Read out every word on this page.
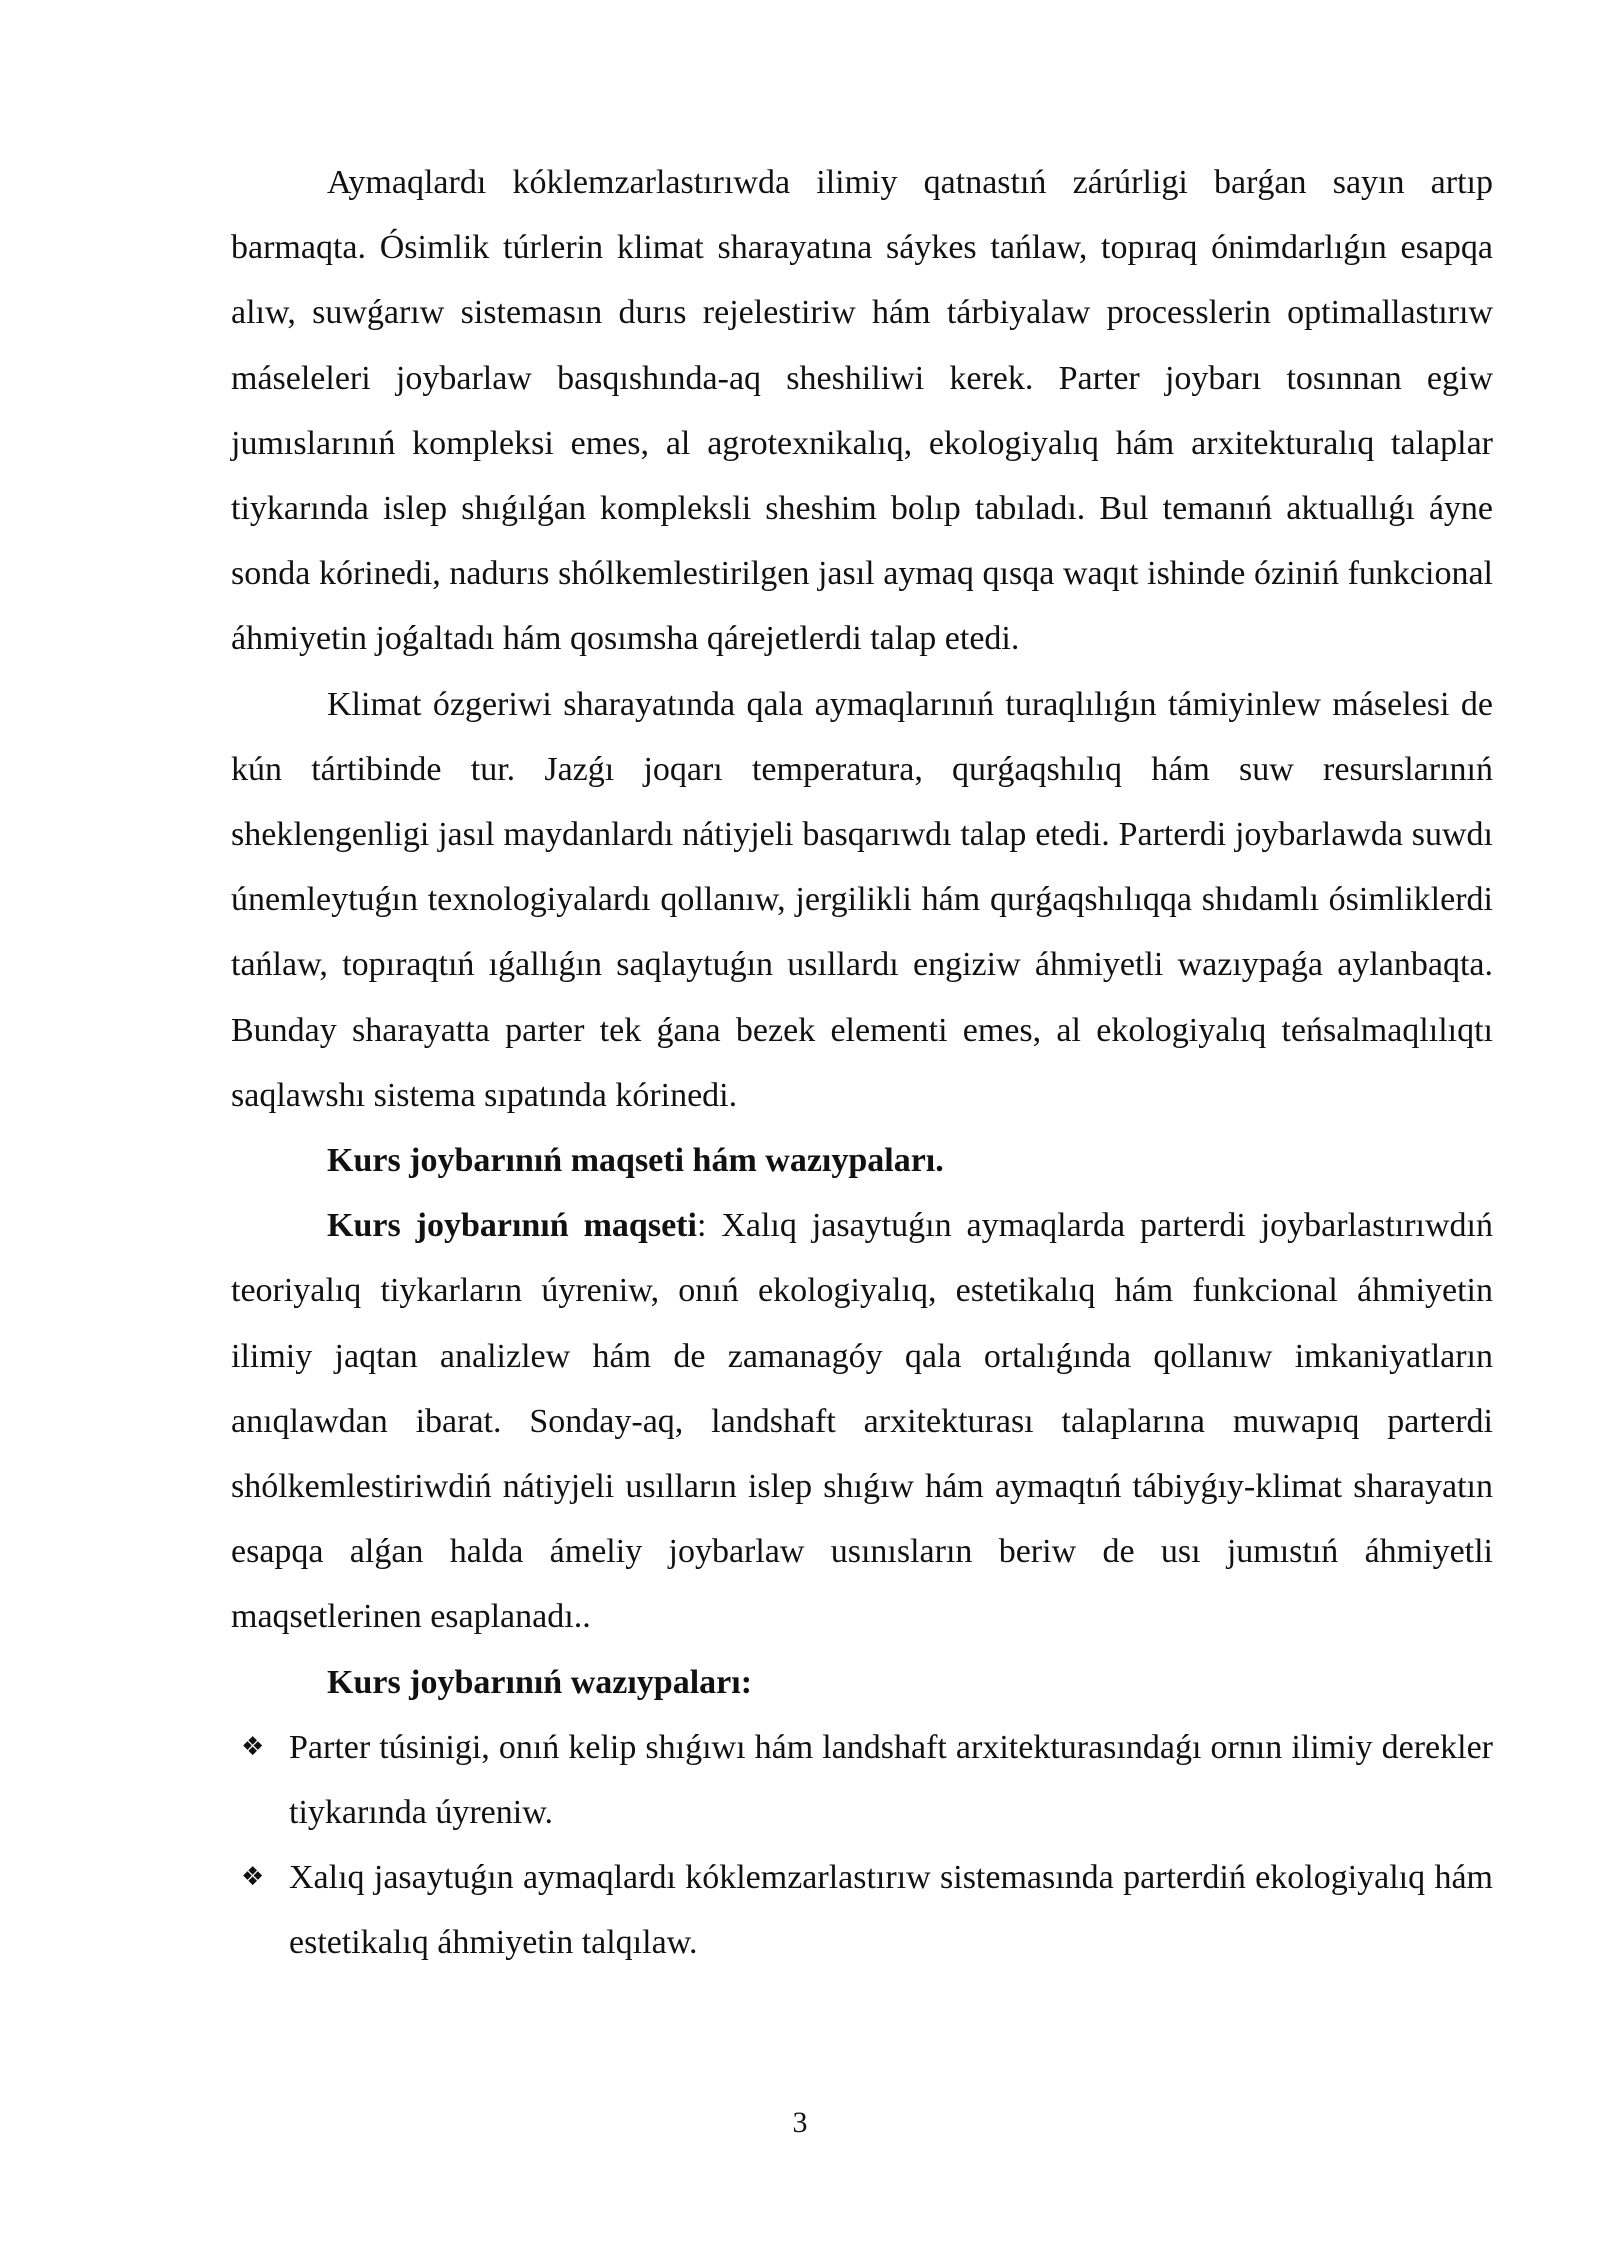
Aymaqlardı kóklemzarlastırıwda ilimiy qatnastıń zárúrligi barǵan sayın artıp barmaqta. Ósimlik túrlerin klimat sharayatına sáykes tańlaw, topıraq ónimdarlıǵın esapqa alıw, suwǵarıw sistemasın durıs rejelestiriw hám tárbiyalaw processlerin optimallastırıw máseleleri joybarlaw basqıshında-aq sheshiliwi kerek. Parter joybarı tosınnan egiw jumıslarınıń kompleksi emes, al agrotexnikalıq, ekologiyalıq hám arxitekturalıq talaplar tiykarında islep shıǵılǵan kompleksli sheshim bolıp tabıladı. Bul temanıń aktuallıǵı áyne sonda kórinedi, nadurıs shólkemlestirilgen jasıl aymaq qısqa waqıt ishinde óziniń funkcional áhmiyetin joǵaltadı hám qosımsha qárejetlerdi talap etedi.

Klimat ózgeriwi sharayatında qala aymaqlarınıń turaqlılıǵın támiyinlew máselesi de kún tártibinde tur. Jazǵı joqarı temperatura, qurǵaqshılıq hám suw resurslarınıń sheklengenligi jasıl maydanlardı nátiyjeli basqarıwdı talap etedi. Parterdi joybarlawda suwdı únemleytuǵın texnologiyalardı qollanıw, jergilikli hám qurǵaqshılıqqa shıdamlı ósimliklerdi tańlaw, topıraqtıń ıǵallıǵın saqlaytuǵın usıllardı engiziw áhmiyetli wazıypaǵa aylanbaqta. Bunday sharayatta parter tek ǵana bezek elementi emes, al ekologiyalıq teńsalmaqlılıqtı saqlawshı sistema sıpatında kórinedi.

Kurs joybarınıń maqseti hám wazıypaları.

Kurs joybarınıń maqseti: Xalıq jasaytuǵın aymaqlarda parterdi joybarlastırıwdıń teoriyalıq tiykarların úyreniw, onıń ekologiyalıq, estetikalıq hám funkcional áhmiyetin ilimiy jaqtan analizlew hám de zamanagóy qala ortalıǵında qollanıw imkaniyatların anıqlawdan ibarat. Sonday-aq, landshaft arxitekturası talaplarına muwapıq parterdi shólkemlestiriwdiń nátiyjeli usılların islep shıǵıw hám aymaqtıń tábiyǵıy-klimat sharayatın esapqa alǵan halda ámeliy joybarlaw usınısların beriw de usı jumıstıń áhmiyetli maqsetlerinen esaplanadı..

Kurs joybarınıń wazıypaları:

❖ Parter túsinigi, onıń kelip shıǵıwı hám landshaft arxitekturasındaǵı ornın ilimiy derekler tiykarında úyreniw.
❖ Xalıq jasaytuǵın aymaqlardı kóklemzarlastırıw sistemasında parterdiń ekologiyalıq hám estetikalıq áhmiyetin talqılaw.
3
